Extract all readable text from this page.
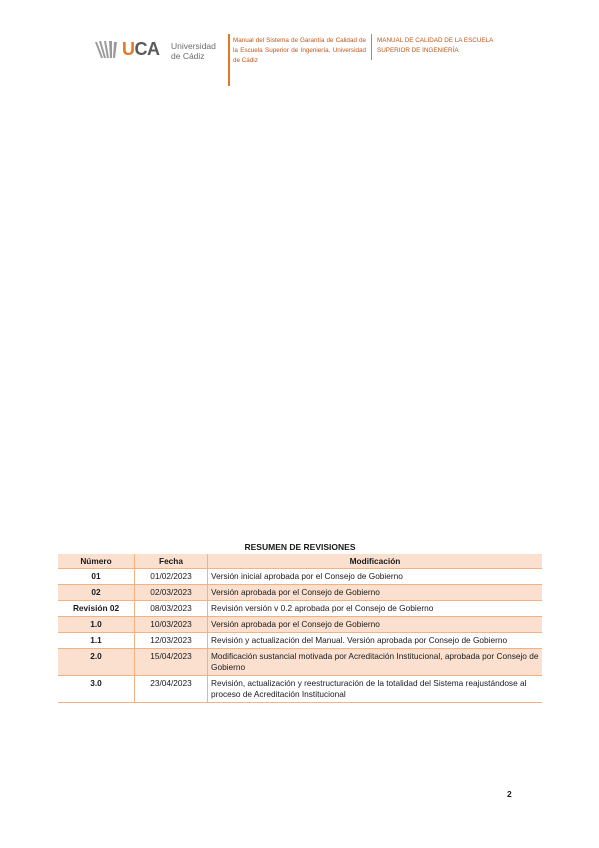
UCA Universidad
de Cádiz
Manual del Sistema de Garantía de Calidad de la Escuela Superior de Ingeniería. Universidad de Cádiz
MANUAL DE CALIDAD DE LA ESCUELA SUPERIOR DE INGENIERÍA
RESUMEN DE REVISIONES
Número	Fecha	Modificación
01	01/02/2023	Versión inicial aprobada por el Consejo de Gobierno
02	02/03/2023	Versión aprobada por el Consejo de Gobierno
Revisión 02	08/03/2023	Revisión versión v 0.2 aprobada por el Consejo de Gobierno
1.0	10/03/2023	Versión aprobada por el Consejo de Gobierno
1.1	12/03/2023	Revisión y actualización del Manual. Versión aprobada por Consejo de Gobierno
2.0	15/04/2023	Modificación sustancial motivada por Acreditación Institucional, aprobada por Consejo de
Gobierno

3.0	23/04/2023	Revisión, actualización y reestructuración de la totalidad del Sistema reajustándose al
proceso de Acreditación Institucional
2
